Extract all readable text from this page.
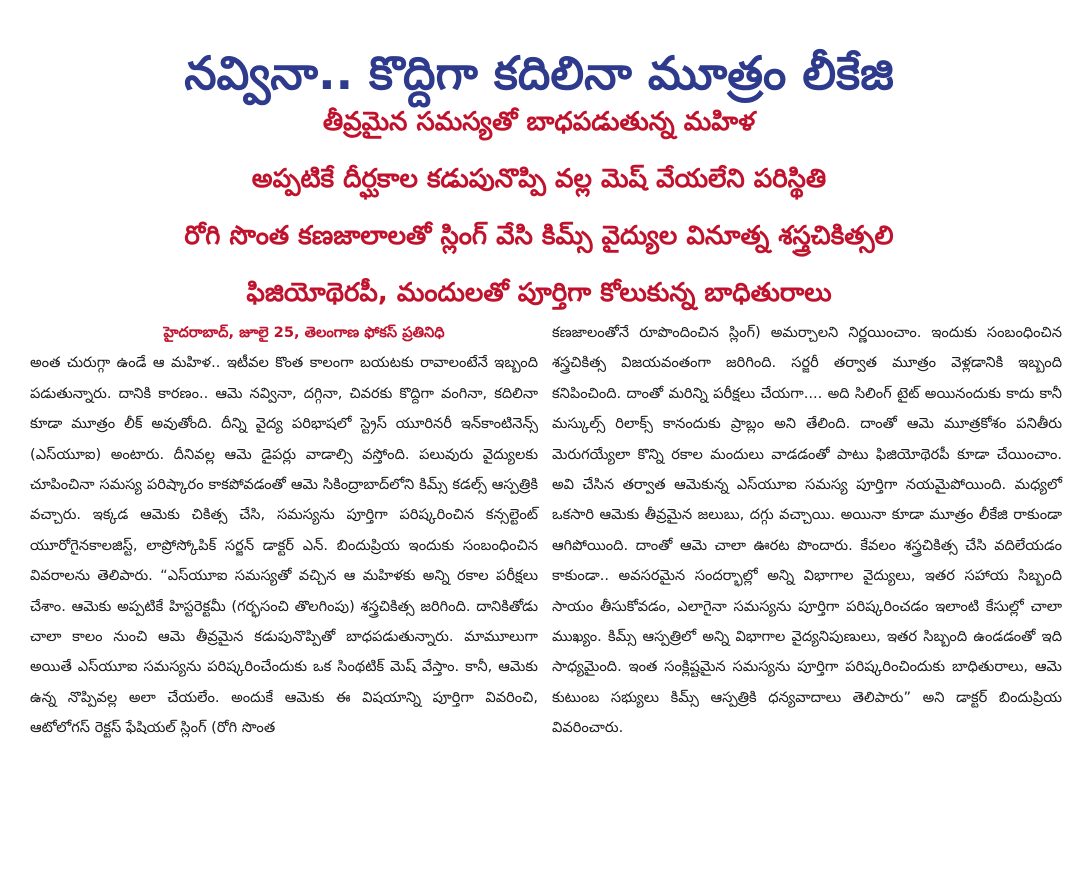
నవ్వినా.. కొద్దిగా కదిలినా మూత్రం లీకేజి
తీవ్రమైన సమస్యతో బాధపడుతున్న మహిళ
అప్పటికే దీర్ఘకాల కడుపునొప్పి వల్ల మెష్ వేయలేని పరిస్థితి
రోగి సొంత కణజాలాలతో స్లింగ్ వేసి కిమ్స్ వైద్యుల వినూత్న శస్త్రచికిత్సలి
ఫిజియోథెరపీ, మందులతో పూర్తిగా కోలుకున్న బాధితురాలు
హైదరాబాద్, జూలై 25, తెలంగాణ ఫోకస్ ప్రతినిధి
అంత చురుగ్గా ఉండే ఆ మహిళ.. ఇటీవల కొంత కాలంగా బయటకు రావాలంటేనే ఇబ్బంది పడుతున్నారు. దానికి కారణం.. ఆమె నవ్వినా, దగ్గినా, చివరకు కొద్దిగా వంగినా, కదిలినా కూడా మూత్రం లీక్ అవుతోంది. దీన్ని వైద్య పరిభాషలో స్ట్రెస్ యూరినరీ ఇన్‌కాంటినెన్స్ (ఎస్‌యూఐ) అంటారు. దీనివల్ల ఆమె డైపర్లు వాడాల్సి వస్తోంది. పలువురు వైద్యులకు చూపించినా సమస్య పరిష్కారం కాకపోవడంతో ఆమె సికింద్రాబాద్‌లోని కిమ్స్ కడల్స్ ఆస్పత్రికి వచ్చారు. ఇక్కడ ఆమెకు చికిత్స చేసి, సమస్యను పూర్తిగా పరిష్కరించిన కన్సల్టెంట్ యూరోగైనకాలజిస్ట్, లాప్రోస్కోపిక్ సర్జన్ డాక్టర్ ఎన్. బిందుప్రియ ఇందుకు సంబంధించిన వివరాలను తెలిపారు. “ఎస్‌యూఐ సమస్యతో వచ్చిన ఆ మహిళకు అన్ని రకాల పరీక్షలు చేశాం. ఆమెకు అప్పటికే హిస్టరెక్టమీ (గర్భసంచి తొలగింపు) శస్త్రచికిత్స జరిగింది. దానికితోడు చాలా కాలం నుంచి ఆమె తీవ్రమైన కడుపునొప్పితో బాధపడుతున్నారు. మామూలుగా అయితే ఎస్‌యూఐ సమస్యను పరిష్కరించేందుకు ఒక సింథటిక్ మెష్ వేస్తాం. కానీ, ఆమెకు ఉన్న నొప్పివల్ల అలా చేయలేం. అందుకే ఆమెకు ఈ విషయాన్ని పూర్తిగా వివరించి, ఆటోలోగస్ రెక్టస్ ఫేషియల్ స్లింగ్ (రోగి సొంత
కణజాలంతోనే రూపొందించిన స్లింగ్) అమర్చాలని నిర్ణయించాం. ఇందుకు సంబంధించిన శస్త్రచికిత్స విజయవంతంగా జరిగింది. సర్జరీ తర్వాత మూత్రం వెళ్లడానికి ఇబ్బంది కనిపించింది. దాంతో మరిన్ని పరీక్షలు చేయగా.... అది సిలింగ్ టైట్ అయినందుకు కాదు కానీ మస్కుల్స్ రిలాక్స్ కానందుకు ప్రాబ్లం అని తేలింది. దాంతో ఆమె మూత్రకోశం పనితీరు మెరుగయ్యేలా కొన్ని రకాల మందులు వాడడంతో పాటు ఫిజియోథెరపీ కూడా చేయించాం. అవి చేసిన తర్వాత ఆమెకున్న ఎస్‌యూఐ సమస్య పూర్తిగా నయమైపోయింది. మధ్యలో ఒకసారి ఆమెకు తీవ్రమైన జలుబు, దగ్గు వచ్చాయి. అయినా కూడా మూత్రం లీకేజి రాకుండా ఆగిపోయింది. దాంతో ఆమె చాలా ఊరట పొందారు. కేవలం శస్త్రచికిత్స చేసి వదిలేయడం కాకుండా.. అవసరమైన సందర్భాల్లో అన్ని విభాగాల వైద్యులు, ఇతర సహాయ సిబ్బంది సాయం తీసుకోవడం, ఎలాగైనా సమస్యను పూర్తిగా పరిష్కరించడం ఇలాంటి కేసుల్లో చాలా ముఖ్యం. కిమ్స్ ఆస్పత్రిలో అన్ని విభాగాల వైద్యనిపుణులు, ఇతర సిబ్బంది ఉండడంతో ఇది సాధ్యమైంది. ఇంత సంక్లిష్టమైన సమస్యను పూర్తిగా పరిష్కరించిందుకు బాధితురాలు, ఆమె కుటుంబ సభ్యులు కిమ్స్ ఆస్పత్రికి ధన్యవాదాలు తెలిపారు” అని డాక్టర్ బిందుప్రియ వివరించారు.
